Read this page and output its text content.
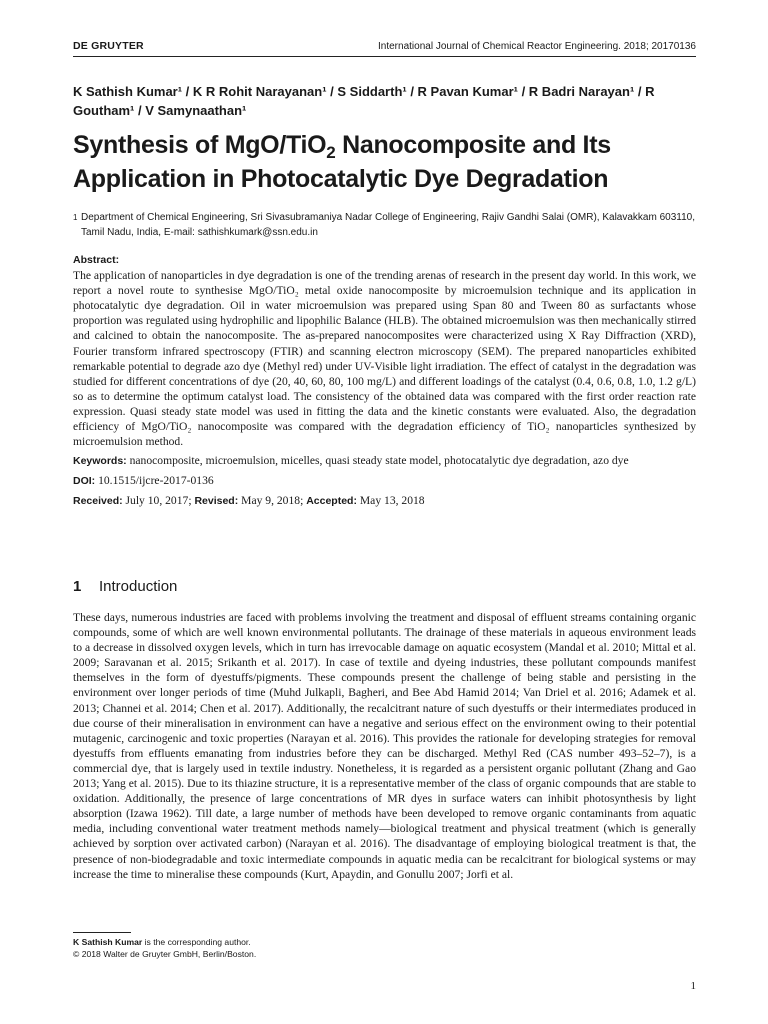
DE GRUYTER	International Journal of Chemical Reactor Engineering. 2018; 20170136
K Sathish Kumar¹ / K R Rohit Narayanan¹ / S Siddarth¹ / R Pavan Kumar¹ / R Badri Narayan¹ / R Goutham¹ / V Samynaathan¹
Synthesis of MgO/TiO$_2$ Nanocomposite and Its Application in Photocatalytic Dye Degradation
1 Department of Chemical Engineering, Sri Sivasubramaniya Nadar College of Engineering, Rajiv Gandhi Salai (OMR), Kalavakkam 603110, Tamil Nadu, India, E-mail: sathishkumark@ssn.edu.in
Abstract:

The application of nanoparticles in dye degradation is one of the trending arenas of research in the present day world. In this work, we report a novel route to synthesise MgO/TiO₂ metal oxide nanocomposite by microemulsion technique and its application in photocatalytic dye degradation. Oil in water microemulsion was prepared using Span 80 and Tween 80 as surfactants whose proportion was regulated using hydrophilic and lipophilic Balance (HLB). The obtained microemulsion was then mechanically stirred and calcined to obtain the nanocomposite. The as-prepared nanocomposites were characterized using X Ray Diffraction (XRD), Fourier transform infrared spectroscopy (FTIR) and scanning electron microscopy (SEM). The prepared nanoparticles exhibited remarkable potential to degrade azo dye (Methyl red) under UV-Visible light irradiation. The effect of catalyst in the degradation was studied for different concentrations of dye (20, 40, 60, 80, 100 mg/L) and different loadings of the catalyst (0.4, 0.6, 0.8, 1.0, 1.2 g/L) so as to determine the optimum catalyst load. The consistency of the obtained data was compared with the first order reaction rate expression. Quasi steady state model was used in fitting the data and the kinetic constants were evaluated. Also, the degradation efficiency of MgO/TiO₂ nanocomposite was compared with the degradation efficiency of TiO₂ nanoparticles synthesized by microemulsion method.

Keywords: nanocomposite, microemulsion, micelles, quasi steady state model, photocatalytic dye degradation, azo dye

DOI: 10.1515/ijcre-2017-0136

Received: July 10, 2017; Revised: May 9, 2018; Accepted: May 13, 2018

1 Introduction

These days, numerous industries are faced with problems involving the treatment and disposal of effluent streams containing organic compounds, some of which are well known environmental pollutants. The drainage of these materials in aqueous environment leads to a decrease in dissolved oxygen levels, which in turn has irrevocable damage on aquatic ecosystem (Mandal et al. 2010; Mittal et al. 2009; Saravanan et al. 2015; Srikanth et al. 2017). In case of textile and dyeing industries, these pollutant compounds manifest themselves in the form of dyestuffs/pigments. These compounds present the challenge of being stable and persisting in the environment over longer periods of time (Muhd Julkapli, Bagheri, and Bee Abd Hamid 2014; Van Driel et al. 2016; Adamek et al. 2013; Channei et al. 2014; Chen et al. 2017). Additionally, the recalcitrant nature of such dyestuffs or their intermediates produced in due course of their mineralisation in environment can have a negative and serious effect on the environment owing to their potential mutagenic, carcinogenic and toxic properties (Narayan et al. 2016). This provides the rationale for developing strategies for removal dyestuffs from effluents emanating from industries before they can be discharged. Methyl Red (CAS number 493–52–7), is a commercial dye, that is largely used in textile industry. Nonetheless, it is regarded as a persistent organic pollutant (Zhang and Gao 2013; Yang et al. 2015). Due to its thiazine structure, it is a representative member of the class of organic compounds that are stable to oxidation. Additionally, the presence of large concentrations of MR dyes in surface waters can inhibit photosynthesis by light absorption (Izawa 1962). Till date, a large number of methods have been developed to remove organic contaminants from aquatic media, including conventional water treatment methods namely—biological treatment and physical treatment (which is generally achieved by sorption over activated carbon) (Narayan et al. 2016). The disadvantage of employing biological treatment is that, the presence of non-biodegradable and toxic intermediate compounds in aquatic media can be recalcitrant for biological systems or may increase the time to mineralise these compounds (Kurt, Apaydin, and Gonullu 2007; Jorfi et al.

K Sathish Kumar is the corresponding author.
© 2018 Walter de Gruyter GmbH, Berlin/Boston.
1
